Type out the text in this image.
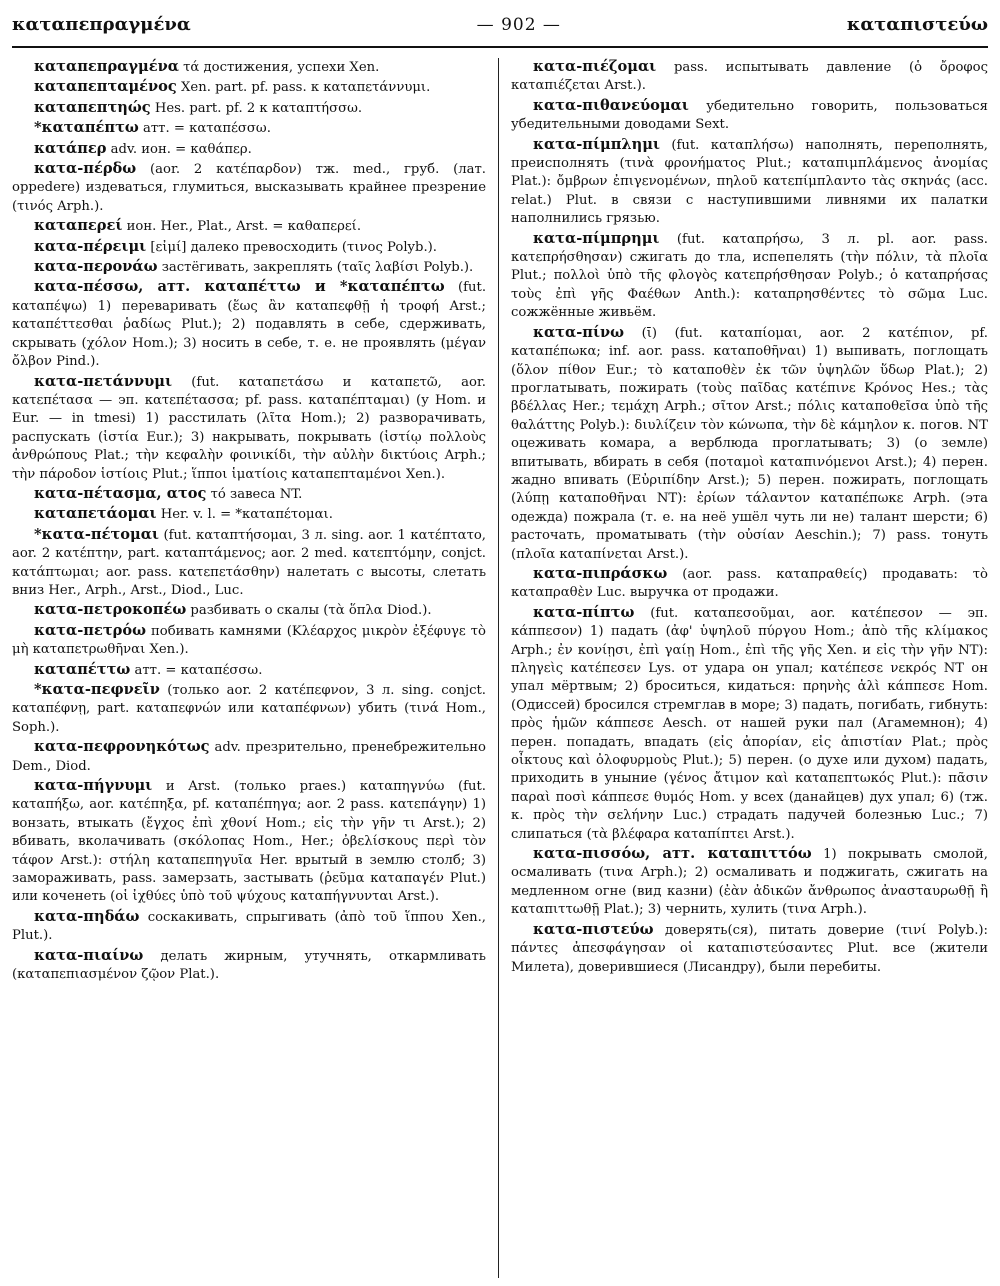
καταπεπραγμένα	— 902 —	καταπιστεύω

καταπεπραγμένα τά достижения, успехи Xen.

καταπεπταμένος Xen. part. pf. pass. к καταπετάννυμι.

καταπεπτηώς Hes. part. pf. 2 к καταπτήσσω.

*καταπέπτω атт. = καταπέσσω.

κατάπερ adv. ион. = καθάπερ.

κατα-πέρδω (aor. 2 κατέπαρδον) тж. med., груб. (лат. oppedere) издеваться, глумиться, высказывать крайнее презрение (τινός Arph.).

καταπερεί ион. Her., Plat., Arst. = καθαπερεί.

κατα-πέρειμι [εἰμί] далеко превосходить (τινος Polyb.).

κατα-περονάω застёгивать, закреплять (ταῖς λαβίσι Polyb.).

κατα-πέσσω, атт. καταπέττω и *καταπέπτω (fut. καταπέψω) 1) переваривать (ἕως ἂν καταπεφθῇ ἡ τροφή Arst.; καταπέττεσθαι ῥαδίως Plut.); 2) подавлять в себе, сдерживать, скрывать (χόλον Hom.); 3) носить в себе, т. е. не проявлять (μέγαν ὄλβον Pind.).

κατα-πετάννυμι (fut. καταπετάσω и καταπετῶ, aor. κατεπέτασα — эп. κατεπέτασσα; pf. pass. καταπέπταμαι) (у Hom. и Eur. — in tmesi) 1) расстилать (λῖτα Hom.); 2) разворачивать, распускать (ἱστία Eur.); 3) накрывать, покрывать (ἱστίῳ πολλοὺς ἀνθρώπους Plat.; τὴν κεφαλὴν φοινικίδι, τὴν αὐλὴν δικτύοις Arph.; τὴν πάροδον ἱστίοις Plut.; ἵπποι ἱματίοις καταπεπταμένοι Xen.).

κατα-πέτασμα, ατος τό завеса NT.

καταπετάομαι Her. v. l. = *καταπέτομαι.

*κατα-πέτομαι (fut. καταπτήσομαι, 3 л. sing. aor. 1 κατέπτατο, aor. 2 κατέπτην, part. καταπτάμενος; aor. 2 med. κατεπτόμην, conjct. κατάπτωμαι; aor. pass. κατεπετάσθην) налетать с высоты, слетать вниз Her., Arph., Arst., Diod., Luc.

κατα-πετροκοπέω разбивать о скалы (τὰ ὅπλα Diod.).

κατα-πετρόω побивать камнями (Κλέαρχος μικρὸν ἐξέφυγε τὸ μὴ καταπετρωθῆναι Xen.).

καταπέττω атт. = καταπέσσω.

*κατα-πεφνεῖν (только aor. 2 κατέπεφνον, 3 л. sing. conjct. καταπέφνῃ, part. καταπεφνών или καταπέφνων) убить (τινά Hom., Soph.).

κατα-πεφρονηκότως adv. презрительно, пренебрежительно Dem., Diod.

κατα-πήγνυμι и Arst. (только praes.) καταπηγνύω (fut. καταπήξω, aor. κατέπηξα, pf. καταπέπηγα; aor. 2 pass. κατεπάγην) 1) вонзать, втыкать (ἔγχος ἐπὶ χθονί Hom.; εἰς τὴν γῆν τι Arst.); 2) вбивать, вколачивать (σκόλοπας Hom., Her.; ὀβελίσκους περὶ τὸν τάφον Arst.): στήλη καταπεπηγυῖα Her. врытый в землю столб; 3) замораживать, pass. замерзать, застывать (ῥεῦμα καταπαγέν Plut.) или коченеть (οἱ ἰχθύες ὑπὸ τοῦ ψύχους καταπήγνυνται Arst.).

κατα-πηδάω соскакивать, спрыгивать (ἀπὸ τοῦ ἵππου Xen., Plut.).

κατα-πιαίνω делать жирным, утучнять, откармливать (καταπεπιασμένον ζῷον Plat.).

κατα-πιέζομαι pass. испытывать давление (ὁ ὄροφος καταπιέζεται Arst.).

κατα-πιθανεύομαι убедительно говорить, пользоваться убедительными доводами Sext.

κατα-πίμπλημι (fut. καταπλήσω) наполнять, переполнять, преисполнять (τινὰ φρονήματος Plut.; καταπιμπλάμενος ἀνομίας Plat.): ὄμβρων ἐπιγενομένων, πηλοῦ κατεπίμπλαντο τὰς σκηνάς (acc. relat.) Plut. в связи с наступившими ливнями их палатки наполнились грязью.

κατα-πίμπρημι (fut. καταπρήσω, 3 л. pl. aor. pass. κατεπρήσθησαν) сжигать до тла, испепелять (τὴν πόλιν, τὰ πλοῖα Plut.; πολλοὶ ὑπὸ τῆς φλογὸς κατεπρήσθησαν Polyb.; ὁ καταπρήσας τοὺς ἐπὶ γῆς Φαέθων Anth.): καταπρησθέντες τὸ σῶμα Luc. сожжённые живьём.

κατα-πίνω (ῑ) (fut. καταπίομαι, aor. 2 κατέπιον, pf. καταπέπωκα; inf. aor. pass. καταποθῆναι) 1) выпивать, поглощать (ὅλον πίθον Eur.; τὸ καταποθὲν ἐκ τῶν ὑψηλῶν ὕδωρ Plat.); 2) проглатывать, пожирать (τοὺς παῖδας κατέπινε Κρόνος Hes.; τὰς βδέλλας Her.; τεμάχη Arph.; σῖτον Arst.; πόλις καταποθεῖσα ὑπὸ τῆς θαλάττης Polyb.): διυλίζειν τὸν κώνωπα, τὴν δὲ κάμηλον κ. погов. NT оцеживать комара, а верблюда проглатывать; 3) (о земле) впитывать, вбирать в себя (ποταμοὶ καταπινόμενοι Arst.); 4) перен. жадно впивать (Εὐριπίδην Arst.); 5) перен. пожирать, поглощать (λύπῃ καταποθῆναι NT): ἐρίων τάλαντον καταπέπωκε Arph. (эта одежда) пожрала (т. е. на неё ушёл чуть ли не) талант шерсти; 6) расточать, проматывать (τὴν οὐσίαν Aeschin.); 7) pass. тонуть (πλοῖα καταπίνεται Arst.).

κατα-πιπράσκω (aor. pass. καταπραθείς) продавать: τὸ καταπραθὲν Luc. выручка от продажи.

κατα-πίπτω (fut. καταπεσοῦμαι, aor. κατέπεσον — эп. κάππεσον) 1) падать (ἀφ' ὑψηλοῦ πύργου Hom.; ἀπὸ τῆς κλίμακος Arph.; ἐν κονίῃσι, ἐπὶ γαίῃ Hom., ἐπὶ τῆς γῆς Xen. и εἰς τὴν γῆν NT): πληγεὶς κατέπεσεν Lys. от удара он упал; κατέπεσε νεκρός NT он упал мёртвым; 2) броситься, кидаться: πρηνὴς ἁλὶ κάππεσε Hom. (Одиссей) бросился стремглав в море; 3) падать, погибать, гибнуть: πρὸς ἡμῶν κάππεσε Aesch. от нашей руки пал (Агамемнон); 4) перен. попадать, впадать (εἰς ἀπορίαν, εἰς ἀπιστίαν Plat.; πρὸς οἶκτους καὶ ὀλοφυρμοὺς Plut.); 5) перен. (о духе или духом) падать, приходить в уныние (γένος ἄτιμον καὶ καταπεπτωκός Plut.): πᾶσιν παραὶ ποσὶ κάππεσε θυμός Hom. у всех (данайцев) дух упал; 6) (тж. κ. πρὸς τὴν σελήνην Luc.) страдать падучей болезнью Luc.; 7) слипаться (τὰ βλέφαρα καταπίπτει Arst.).

κατα-πισσόω, атт. καταπιττόω 1) покрывать смолой, осмаливать (τινα Arph.); 2) осмаливать и поджигать, сжигать на медленном огне (вид казни) (ἐὰν ἀδικῶν ἄνθρωπος ἀνασταυρωθῇ ἢ καταπιττωθῇ Plat.); 3) чернить, хулить (τινα Arph.).

κατα-πιστεύω доверять(ся), питать доверие (τινί Polyb.): πάντες ἀπεσφάγησαν οἱ καταπιστεύσαντες Plut. все (жители Милета), доверившиеся (Лисандру), были перебиты.
